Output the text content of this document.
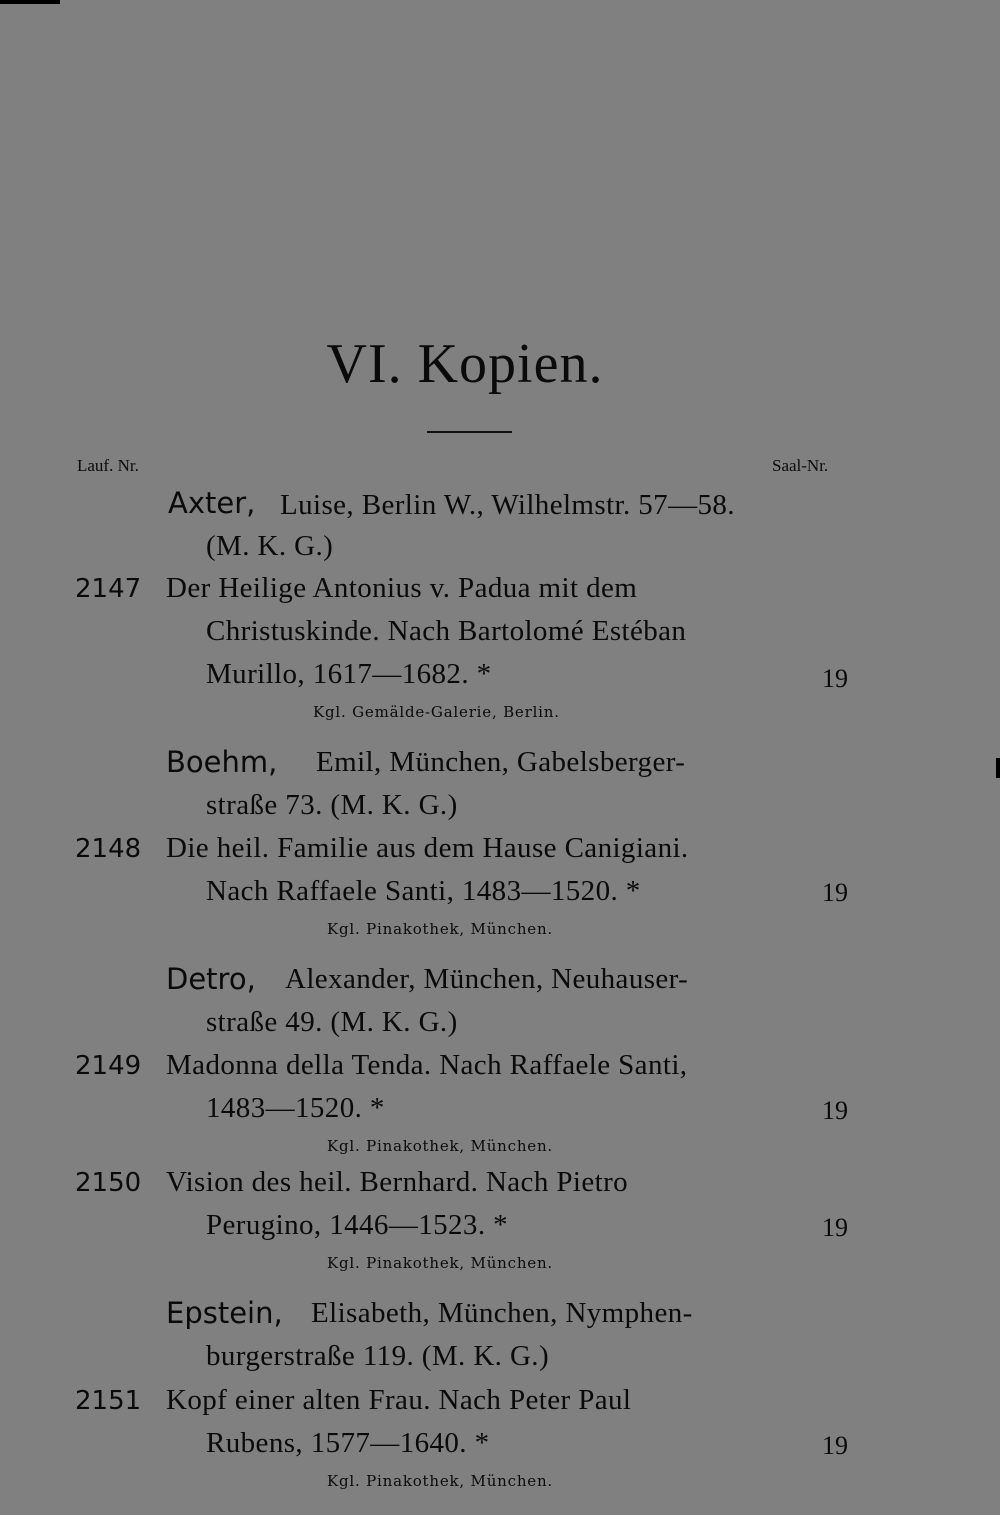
VI. Kopien.
Lauf. Nr.	Saal-Nr.
Axter, Luise, Berlin W., Wilhelmstr. 57—58.
(M. K. G.)
2147 Der Heilige Antonius v. Padua mit dem
Christuskinde. Nach Bartolomé Estéban
Murillo, 1617—1682. *	19
Kgl. Gemälde-Galerie, Berlin.
Boehm, Emil, München, Gabelsberger-
straße 73. (M. K. G.)
2148 Die heil. Familie aus dem Hause Canigiani.
Nach Raffaele Santi, 1483—1520. *	19
Kgl. Pinakothek, München.
Detro, Alexander, München, Neuhauser-
straße 49. (M. K. G.)
2149 Madonna della Tenda. Nach Raffaele Santi,
1483—1520. *	19
Kgl. Pinakothek, München.
2150 Vision des heil. Bernhard. Nach Pietro
Perugino, 1446—1523. *	19
Kgl. Pinakothek, München.
Epstein, Elisabeth, München, Nymphen-
burgerstraße 119. (M. K. G.)
2151 Kopf einer alten Frau. Nach Peter Paul
Rubens, 1577—1640. *	19
Kgl. Pinakothek, München.
